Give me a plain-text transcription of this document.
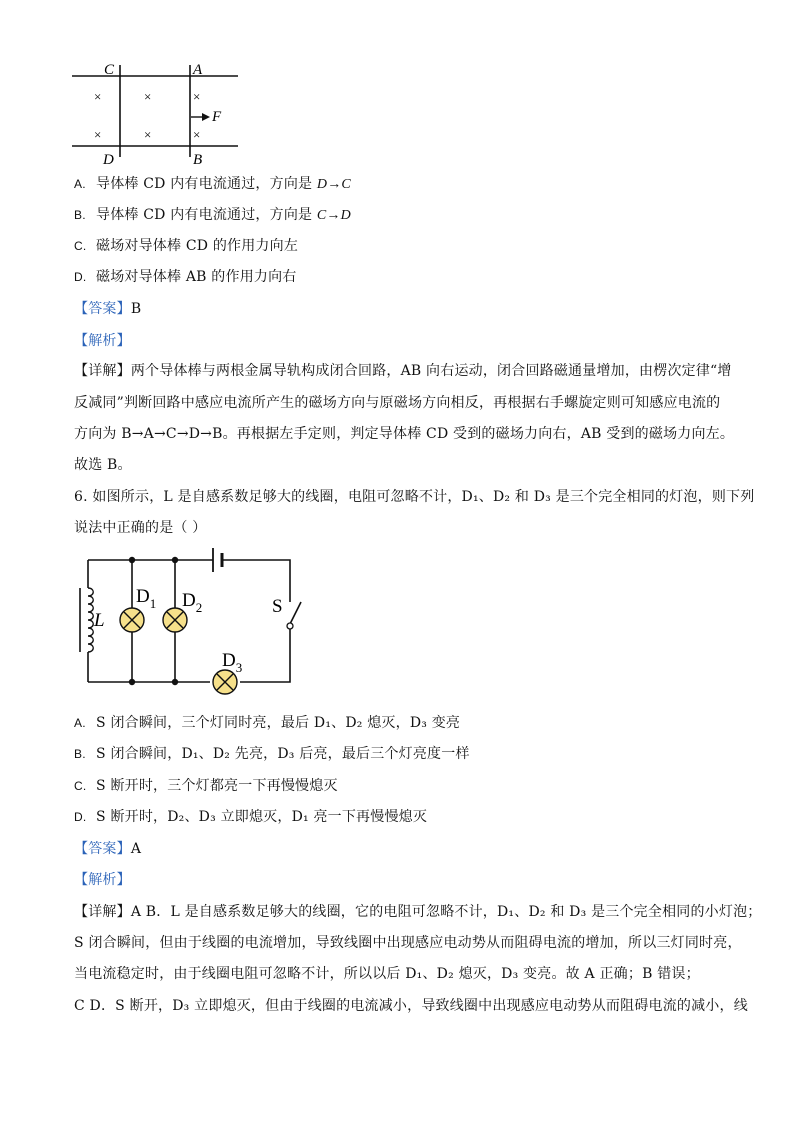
C	A
D	B
×	×	×
×	×	×
F
A. 导体棒 CD 内有电流通过，方向是 D→C
B. 导体棒 CD 内有电流通过，方向是 C→D
C. 磁场对导体棒 CD 的作用力向左
D. 磁场对导体棒 AB 的作用力向右
【答案】B
【解析】
【详解】两个导体棒与两根金属导轨构成闭合回路，AB 向右运动，闭合回路磁通量增加，由楞次定律“增
反减同”判断回路中感应电流所产生的磁场方向与原磁场方向相反，再根据右手螺旋定则可知感应电流的
方向为 B→A→C→D→B。再根据左手定则，判定导体棒 CD 受到的磁场力向右，AB 受到的磁场力向左。
故选 B。
6. 如图所示，L 是自感系数足够大的线圈，电阻可忽略不计，D₁、D₂ 和 D₃ 是三个完全相同的灯泡，则下列
说法中正确的是（ ）
L
$D_1$ $D_2$
$D_3$
S
A. S 闭合瞬间，三个灯同时亮，最后 D₁、D₂ 熄灭，D₃ 变亮
B. S 闭合瞬间，D₁、D₂ 先亮，D₃ 后亮，最后三个灯亮度一样
C. S 断开时，三个灯都亮一下再慢慢熄灭
D. S 断开时，D₂、D₃ 立即熄灭，D₁ 亮一下再慢慢熄灭
【答案】A
【解析】
【详解】A B．L 是自感系数足够大的线圈，它的电阻可忽略不计，D₁、D₂ 和 D₃ 是三个完全相同的小灯泡；
S 闭合瞬间，但由于线圈的电流增加，导致线圈中出现感应电动势从而阻碍电流的增加，所以三灯同时亮，
当电流稳定时，由于线圈电阻可忽略不计，所以以后 D₁、D₂ 熄灭，D₃ 变亮。故 A 正确；B 错误；
C D．S 断开，D₃ 立即熄灭，但由于线圈的电流减小，导致线圈中出现感应电动势从而阻碍电流的减小，线
